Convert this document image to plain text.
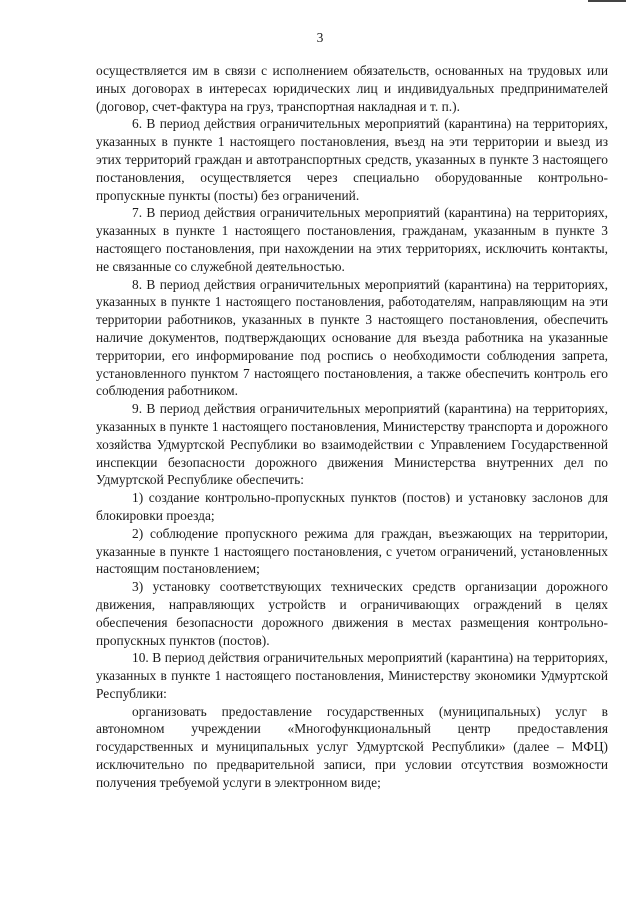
3

осуществляется им в связи с исполнением обязательств, основанных на трудовых или иных договорах в интересах юридических лиц и индивидуальных предпринимателей (договор, счет-фактура на груз, транспортная накладная и т. п.).

6. В период действия ограничительных мероприятий (карантина) на территориях, указанных в пункте 1 настоящего постановления, въезд на эти территории и выезд из этих территорий граждан и автотранспортных средств, указанных в пункте 3 настоящего постановления, осуществляется через специально оборудованные контрольно-пропускные пункты (посты) без ограничений.

7. В период действия ограничительных мероприятий (карантина) на территориях, указанных в пункте 1 настоящего постановления, гражданам, указанным в пункте 3 настоящего постановления, при нахождении на этих территориях, исключить контакты, не связанные со служебной деятельностью.

8. В период действия ограничительных мероприятий (карантина) на территориях, указанных в пункте 1 настоящего постановления, работодателям, направляющим на эти территории работников, указанных в пункте 3 настоящего постановления, обеспечить наличие документов, подтверждающих основание для въезда работника на указанные территории, его информирование под роспись о необходимости соблюдения запрета, установленного пунктом 7 настоящего постановления, а также обеспечить контроль его соблюдения работником.

9. В период действия ограничительных мероприятий (карантина) на территориях, указанных в пункте 1 настоящего постановления, Министерству транспорта и дорожного хозяйства Удмуртской Республики во взаимодействии с Управлением Государственной инспекции безопасности дорожного движения Министерства внутренних дел по Удмуртской Республике обеспечить:

1) создание контрольно-пропускных пунктов (постов) и установку заслонов для блокировки проезда;

2) соблюдение пропускного режима для граждан, въезжающих на территории, указанные в пункте 1 настоящего постановления, с учетом ограничений, установленных настоящим постановлением;

3) установку соответствующих технических средств организации дорожного движения, направляющих устройств и ограничивающих ограждений в целях обеспечения безопасности дорожного движения в местах размещения контрольно-пропускных пунктов (постов).

10. В период действия ограничительных мероприятий (карантина) на территориях, указанных в пункте 1 настоящего постановления, Министерству экономики Удмуртской Республики:

организовать предоставление государственных (муниципальных) услуг в автономном учреждении «Многофункциональный центр предоставления государственных и муниципальных услуг Удмуртской Республики» (далее – МФЦ) исключительно по предварительной записи, при условии отсутствия возможности получения требуемой услуги в электронном виде;
